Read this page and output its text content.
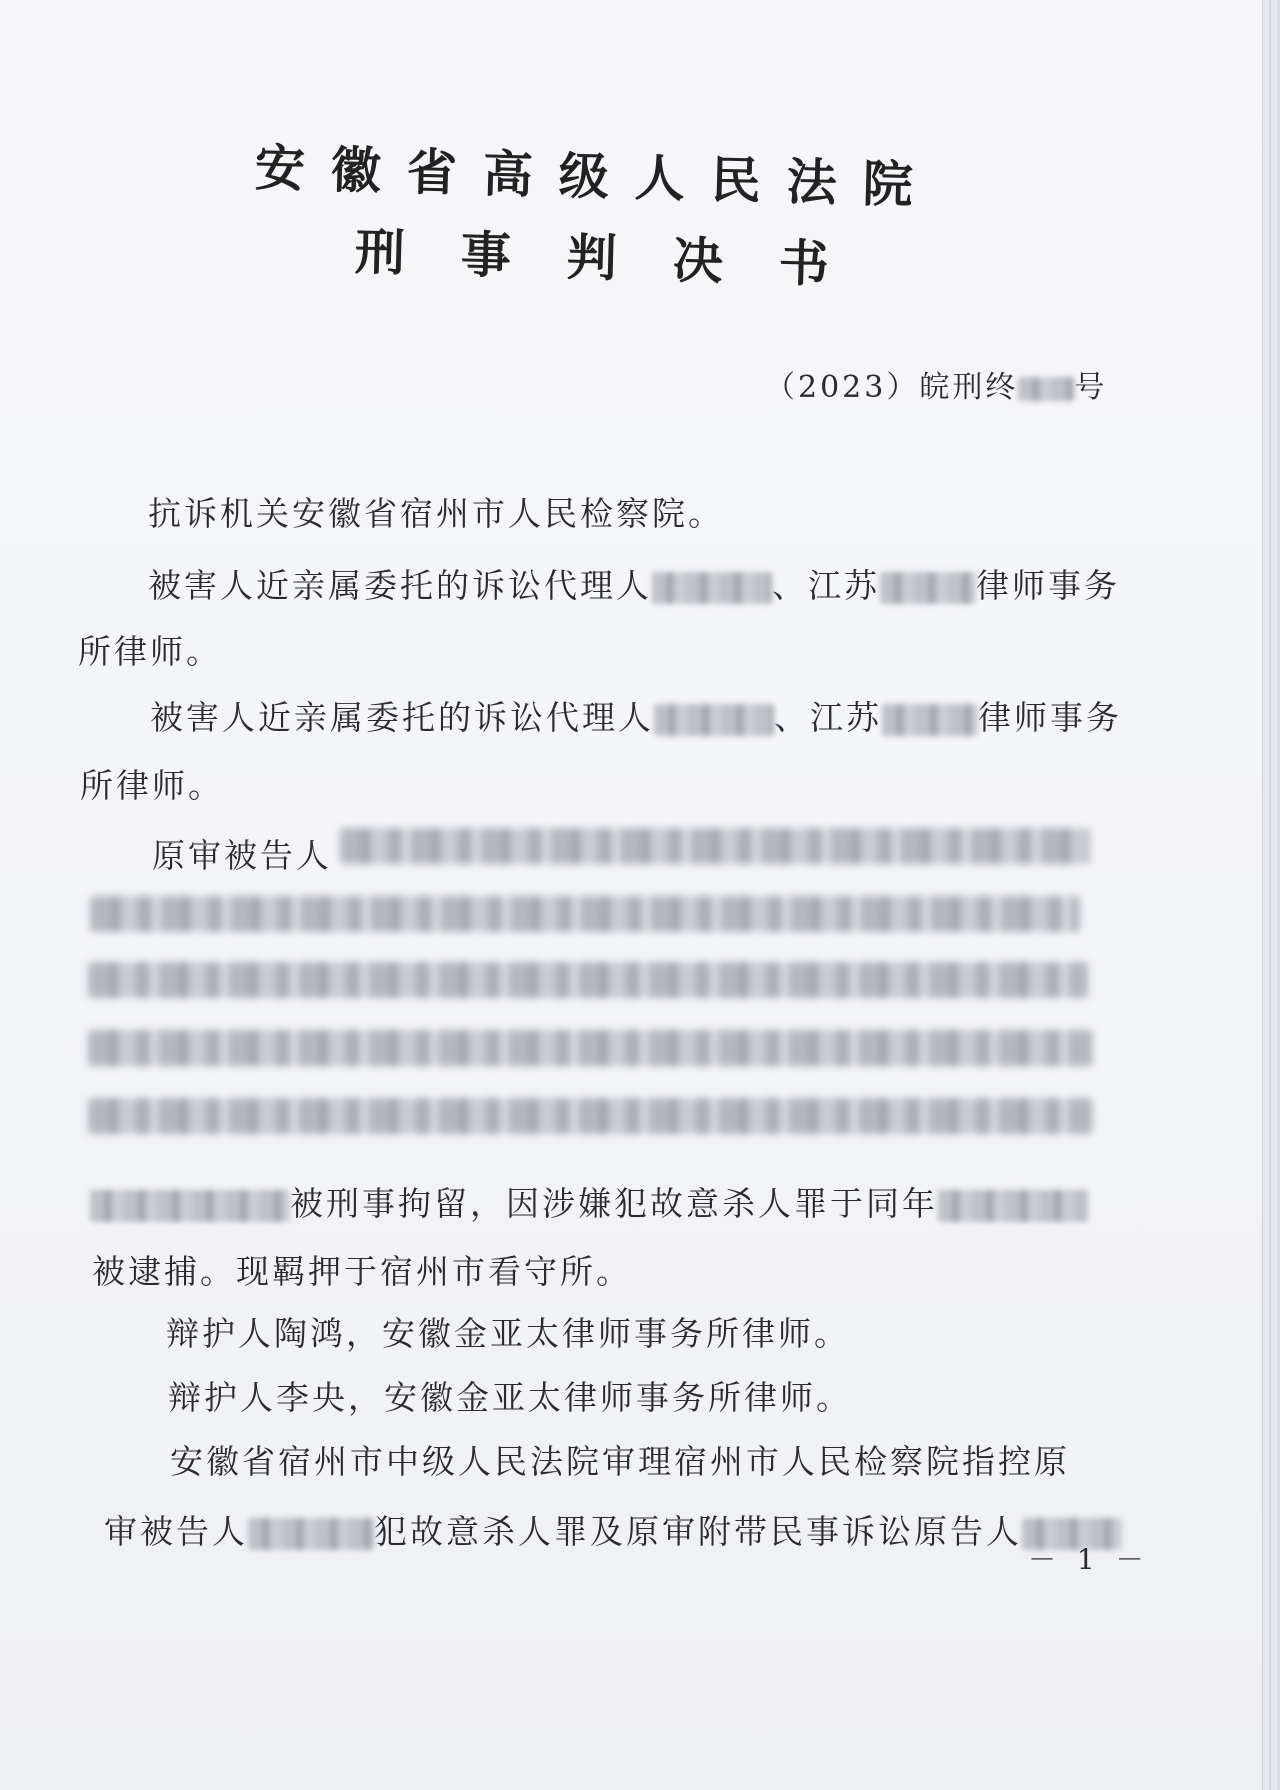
安徽省高级人民法院
刑事判决书
（2023）皖刑终 号
抗诉机关安徽省宿州市人民检察院。
被害人近亲属委托的诉讼代理人	、江苏	律师事务
所律师。
被害人近亲属委托的诉讼代理人	、江苏	律师事务
所律师。
原审被告人
被刑事拘留，因涉嫌犯故意杀人罪于同年
被逮捕。现羁押于宿州市看守所。
辩护人陶鸿，安徽金亚太律师事务所律师。
辩护人李央，安徽金亚太律师事务所律师。
安徽省宿州市中级人民法院审理宿州市人民检察院指控原
审被告人	犯故意杀人罪及原审附带民事诉讼原告人
－ 1 －
